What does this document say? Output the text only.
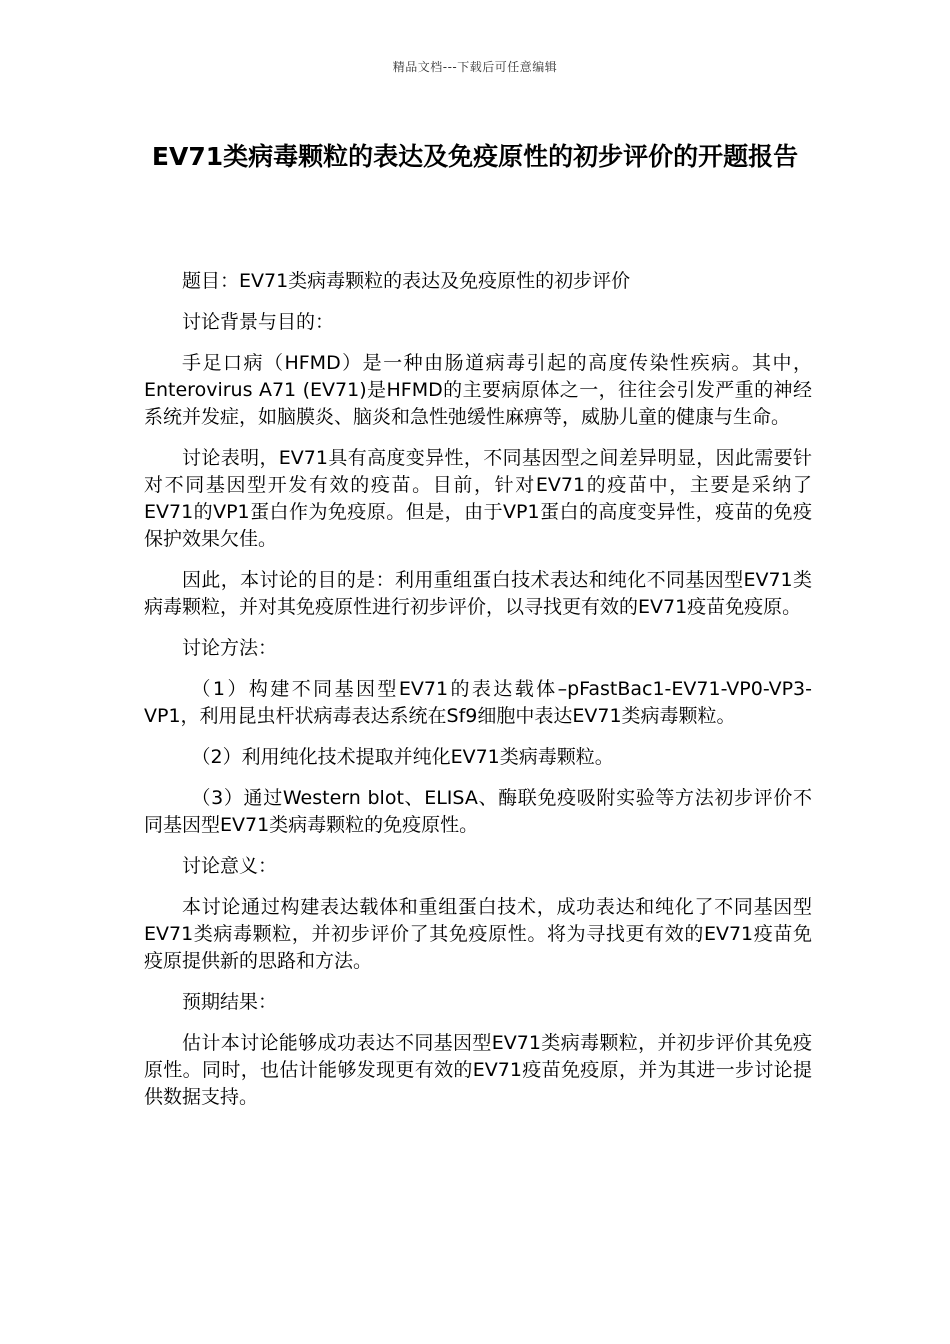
精品文档---下载后可任意编辑
EV71类病毒颗粒的表达及免疫原性的初步评价的开题报告

题目：EV71类病毒颗粒的表达及免疫原性的初步评价

讨论背景与目的：

手足口病（HFMD）是一种由肠道病毒引起的高度传染性疾病。其中，Enterovirus A71 (EV71)是HFMD的主要病原体之一，往往会引发严重的神经系统并发症，如脑膜炎、脑炎和急性弛缓性麻痹等，威胁儿童的健康与生命。

讨论表明，EV71具有高度变异性，不同基因型之间差异明显，因此需要针对不同基因型开发有效的疫苗。目前，针对EV71的疫苗中，主要是采纳了EV71的VP1蛋白作为免疫原。但是，由于VP1蛋白的高度变异性，疫苗的免疫保护效果欠佳。

因此，本讨论的目的是：利用重组蛋白技术表达和纯化不同基因型EV71类病毒颗粒，并对其免疫原性进行初步评价，以寻找更有效的EV71疫苗免疫原。

讨论方法：

（1）构建不同基因型EV71的表达载体–pFastBac1-EV71-VP0-VP3-VP1，利用昆虫杆状病毒表达系统在Sf9细胞中表达EV71类病毒颗粒。

（2）利用纯化技术提取并纯化EV71类病毒颗粒。

（3）通过Western blot、ELISA、酶联免疫吸附实验等方法初步评价不同基因型EV71类病毒颗粒的免疫原性。

讨论意义：

本讨论通过构建表达载体和重组蛋白技术，成功表达和纯化了不同基因型EV71类病毒颗粒，并初步评价了其免疫原性。将为寻找更有效的EV71疫苗免疫原提供新的思路和方法。

预期结果：

估计本讨论能够成功表达不同基因型EV71类病毒颗粒，并初步评价其免疫原性。同时，也估计能够发现更有效的EV71疫苗免疫原，并为其进一步讨论提供数据支持。
